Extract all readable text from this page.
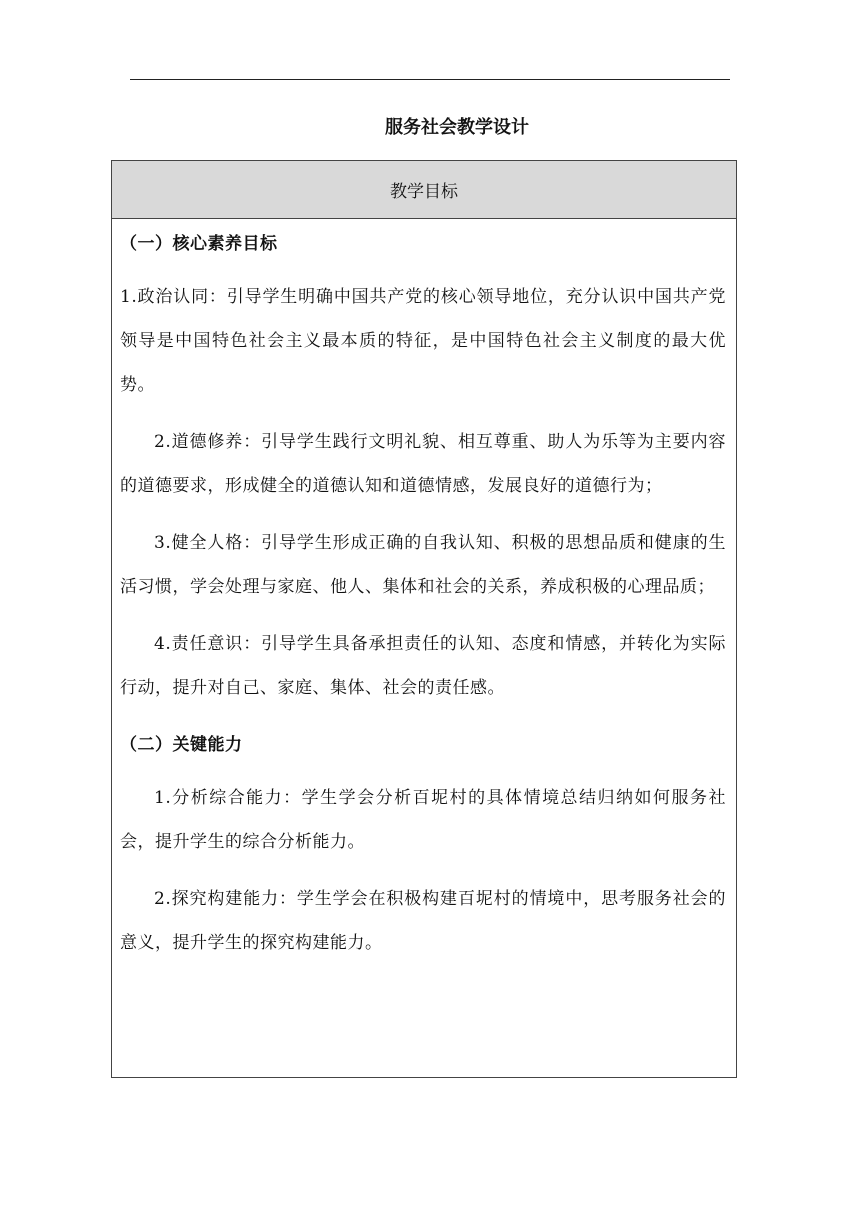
服务社会教学设计
教学目标
（一）核心素养目标

1.政治认同：引导学生明确中国共产党的核心领导地位，充分认识中国共产党领导是中国特色社会主义最本质的特征，是中国特色社会主义制度的最大优势。

2.道德修养：引导学生践行文明礼貌、相互尊重、助人为乐等为主要内容的道德要求，形成健全的道德认知和道德情感，发展良好的道德行为；

3.健全人格：引导学生形成正确的自我认知、积极的思想品质和健康的生活习惯，学会处理与家庭、他人、集体和社会的关系，养成积极的心理品质；

4.责任意识：引导学生具备承担责任的认知、态度和情感，并转化为实际行动，提升对自己、家庭、集体、社会的责任感。

（二）关键能力

1.分析综合能力：学生学会分析百坭村的具体情境总结归纳如何服务社会，提升学生的综合分析能力。

2.探究构建能力：学生学会在积极构建百坭村的情境中，思考服务社会的意义，提升学生的探究构建能力。
